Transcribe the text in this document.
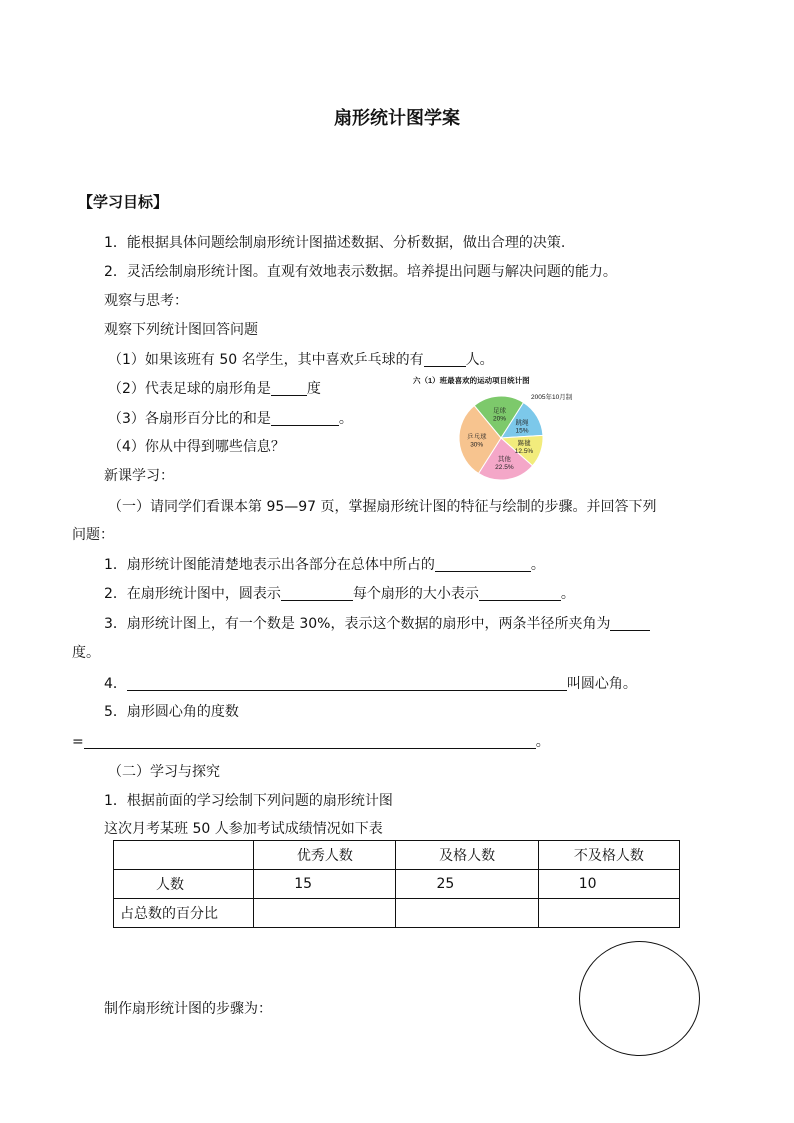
扇形统计图学案
【学习目标】
1．能根据具体问题绘制扇形统计图描述数据、分析数据，做出合理的决策.
2．灵活绘制扇形统计图。直观有效地表示数据。培养提出问题与解决问题的能力。
观察与思考：
观察下列统计图回答问题
（1）如果该班有 50 名学生，其中喜欢乒乓球的有	人。
（2）代表足球的扇形角是	度
（3）各扇形百分比的和是	。
（4）你从中得到哪些信息？
六（1）班最喜欢的运动项目统计图
2005年10月制
足球
20%
跳绳
15%
踢毽
12.5%
其他
22.5%
乒乓球
30%
新课学习：
（一）请同学们看课本第 95—97 页，掌握扇形统计图的特征与绘制的步骤。并回答下列
问题：
1．扇形统计图能清楚地表示出各部分在总体中所占的	。
2．在扇形统计图中，圆表示	每个扇形的大小表示	。
3．扇形统计图上，有一个数是 30%，表示这个数据的扇形中，两条半径所夹角为
度。
4．	叫圆心角。
5．扇形圆心角的度数
=	。
（二）学习与探究
1．根据前面的学习绘制下列问题的扇形统计图
这次月考某班 50 人参加考试成绩情况如下表
	优秀人数	及格人数	不及格人数
人数	15	25	10
占总数的百分比			
制作扇形统计图的步骤为：
